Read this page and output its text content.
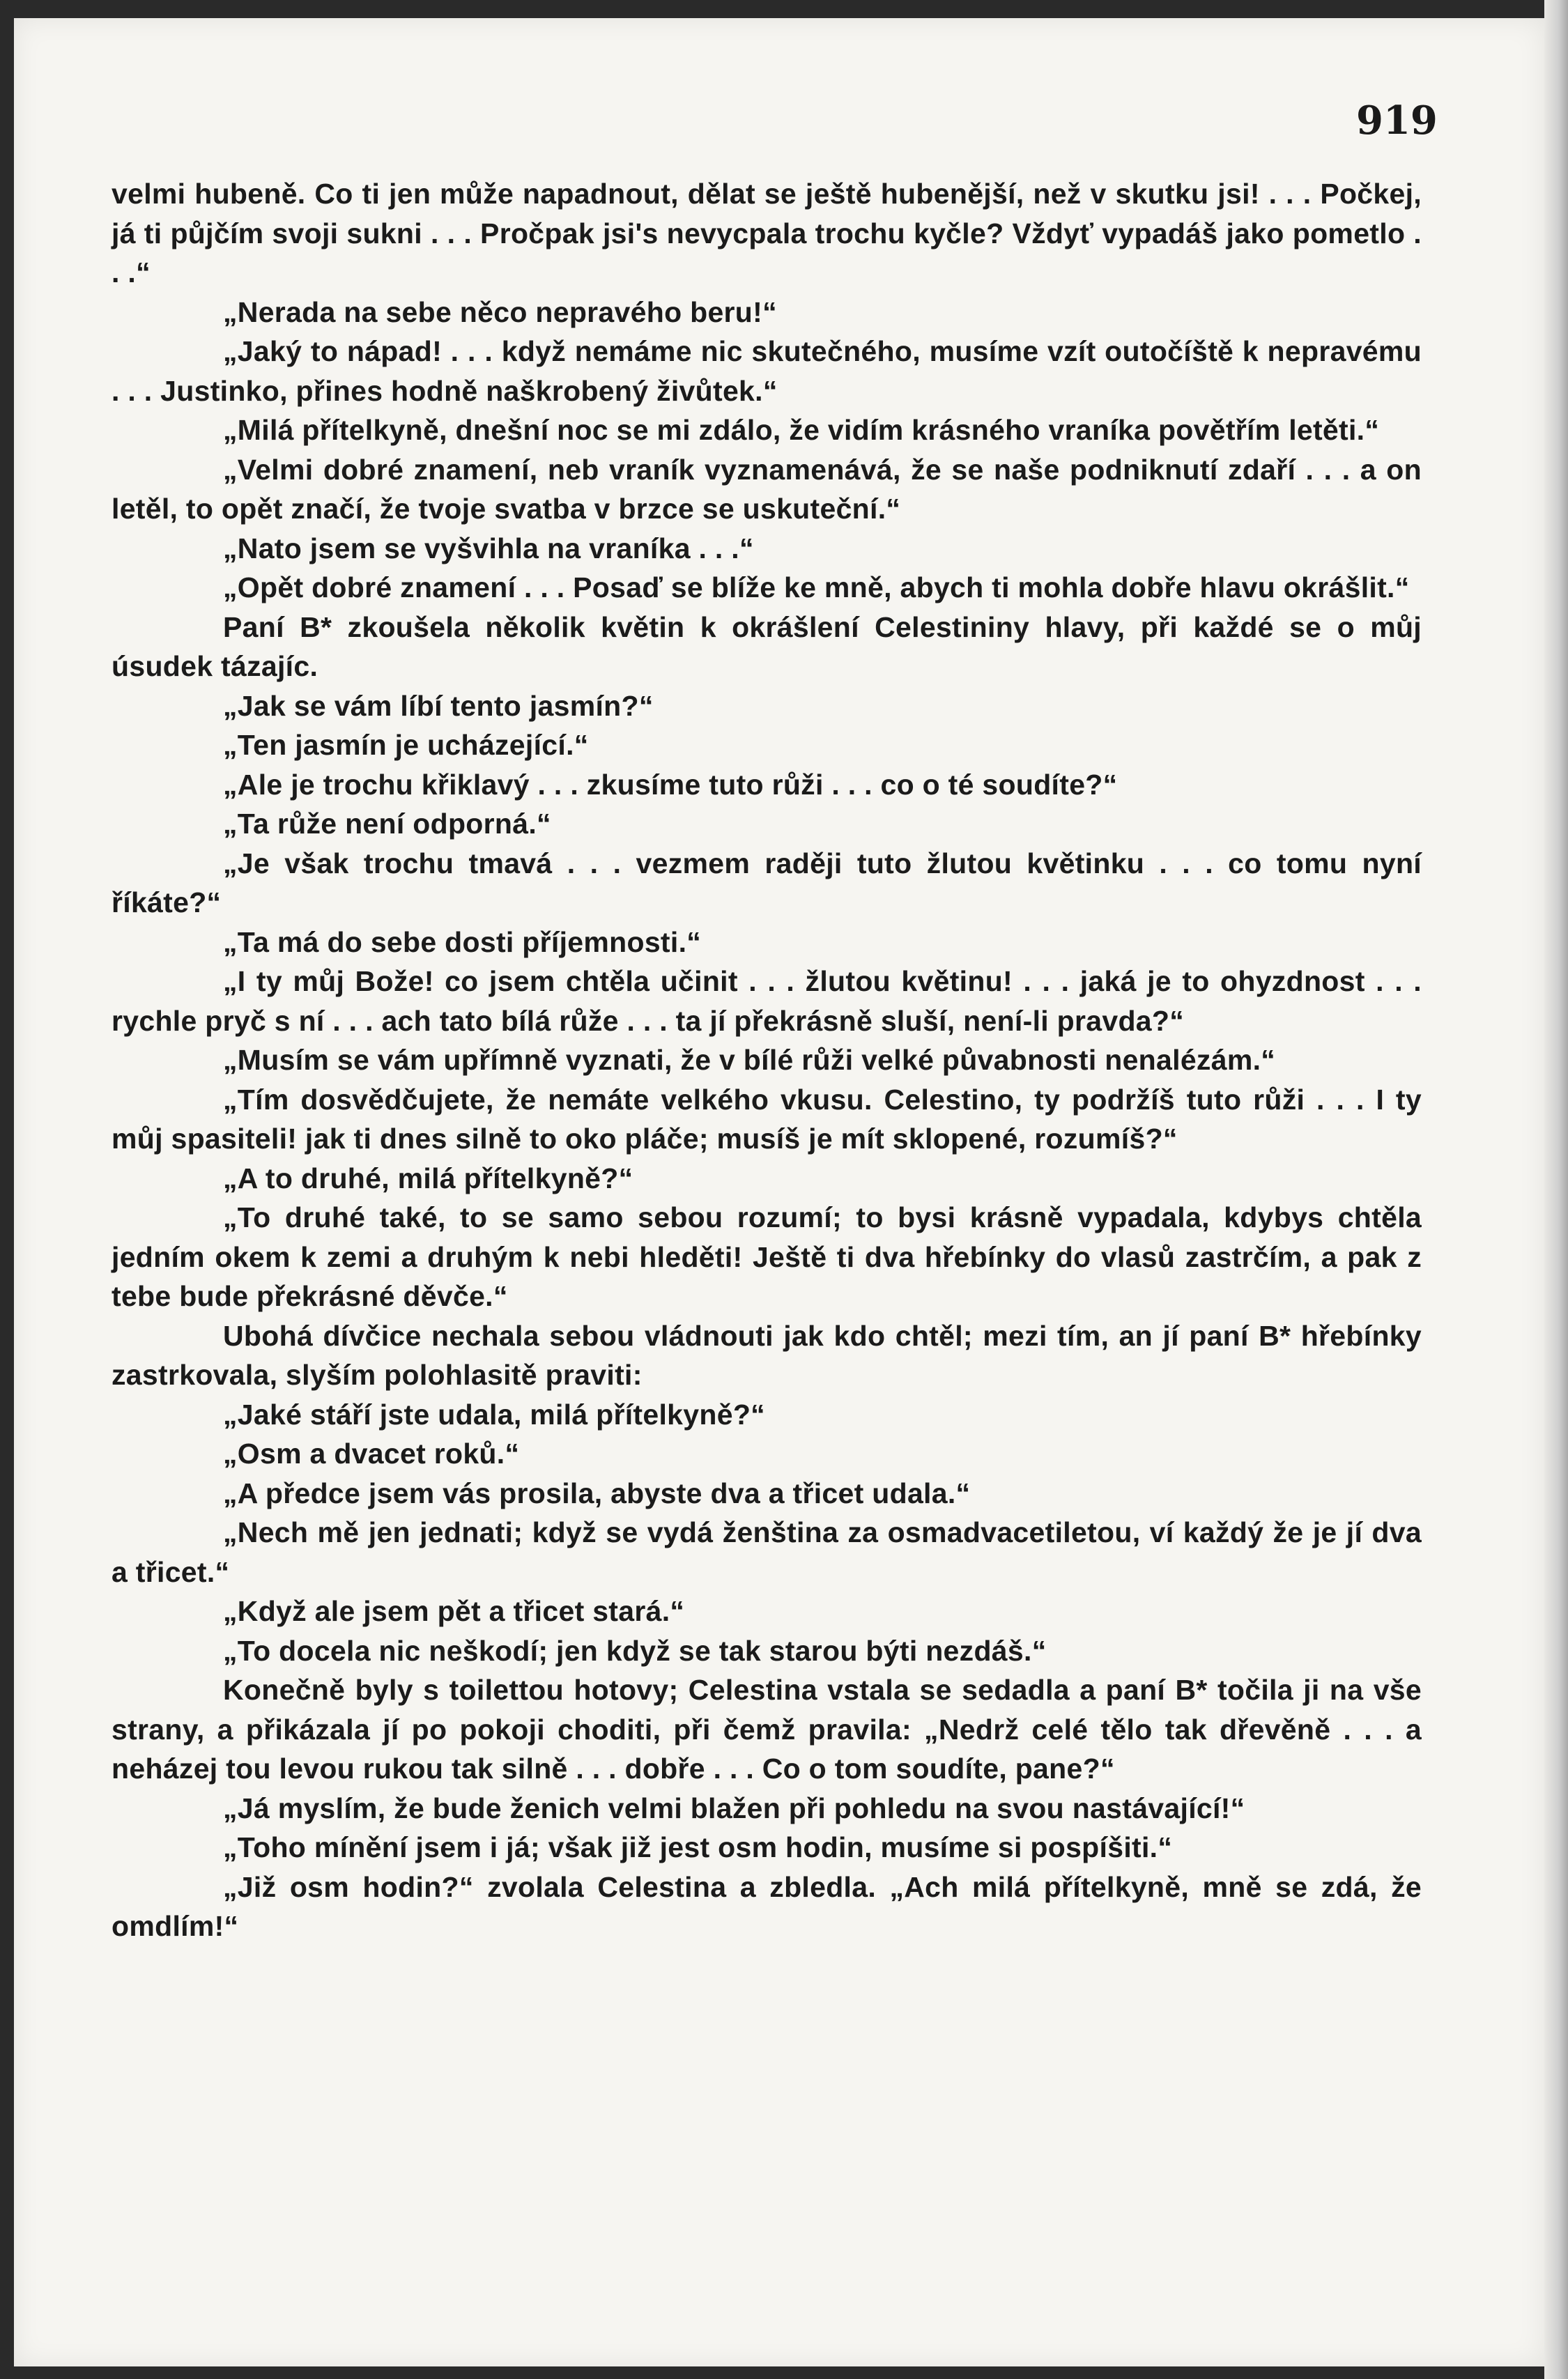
919

velmi hubeně. Co ti jen může napadnout, dělat se ještě hubenější, než v skutku jsi! . . . Počkej, já ti půjčím svoji sukni . . . Pročpak jsi's nevycpala trochu kyčle? Vždyť vypadáš jako pometlo . . .“

„Nerada na sebe něco nepravého beru!“

„Jaký to nápad! . . . když nemáme nic skutečného, musíme vzít outočíště k nepravému . . . Justinko, přines hodně naškrobený živůtek.“

„Milá přítelkyně, dnešní noc se mi zdálo, že vidím krásného vraníka povětřím letěti.“

„Velmi dobré znamení, neb vraník vyznamenává, že se naše podniknutí zdaří . . . a on letěl, to opět značí, že tvoje svatba v brzce se uskuteční.“

„Nato jsem se vyšvihla na vraníka . . .“

„Opět dobré znamení . . . Posaď se blíže ke mně, abych ti mohla dobře hlavu okrášlit.“

Paní B* zkoušela několik květin k okrášlení Celestininy hlavy, při každé se o můj úsudek tázajíc.

„Jak se vám líbí tento jasmín?“

„Ten jasmín je ucházející.“

„Ale je trochu křiklavý . . . zkusíme tuto růži . . . co o té soudíte?“

„Ta růže není odporná.“

„Je však trochu tmavá . . . vezmem raději tuto žlutou květinku . . . co tomu nyní říkáte?“

„Ta má do sebe dosti příjemnosti.“

„I ty můj Bože! co jsem chtěla učinit . . . žlutou květinu! . . . jaká je to ohyzdnost . . . rychle pryč s ní . . . ach tato bílá růže . . . ta jí překrásně sluší, není-li pravda?“

„Musím se vám upřímně vyznati, že v bílé růži velké půvabnosti nenalézám.“

„Tím dosvědčujete, že nemáte velkého vkusu. Celestino, ty podržíš tuto růži . . . I ty můj spasiteli! jak ti dnes silně to oko pláče; musíš je mít sklopené, rozumíš?“

„A to druhé, milá přítelkyně?“

„To druhé také, to se samo sebou rozumí; to bysi krásně vypadala, kdybys chtěla jedním okem k zemi a druhým k nebi hleděti! Ještě ti dva hřebínky do vlasů zastrčím, a pak z tebe bude překrásné děvče.“

Ubohá dívčice nechala sebou vládnouti jak kdo chtěl; mezi tím, an jí paní B* hřebínky zastrkovala, slyším polohlasitě praviti:

„Jaké stáří jste udala, milá přítelkyně?“

„Osm a dvacet roků.“

„A předce jsem vás prosila, abyste dva a třicet udala.“

„Nech mě jen jednati; když se vydá ženština za osmadvacetiletou, ví každý že je jí dva a třicet.“

„Když ale jsem pět a třicet stará.“

„To docela nic neškodí; jen když se tak starou býti nezdáš.“

Konečně byly s toilettou hotovy; Celestina vstala se sedadla a paní B* točila ji na vše strany, a přikázala jí po pokoji choditi, při čemž pravila: „Nedrž celé tělo tak dřevěně . . . a neházej tou levou rukou tak silně . . . dobře . . . Co o tom soudíte, pane?“

„Já myslím, že bude ženich velmi blažen při pohledu na svou nastávající!“

„Toho mínění jsem i já; však již jest osm hodin, musíme si pospíšiti.“

„Již osm hodin?“ zvolala Celestina a zbledla. „Ach milá přítelkyně, mně se zdá, že omdlím!“
